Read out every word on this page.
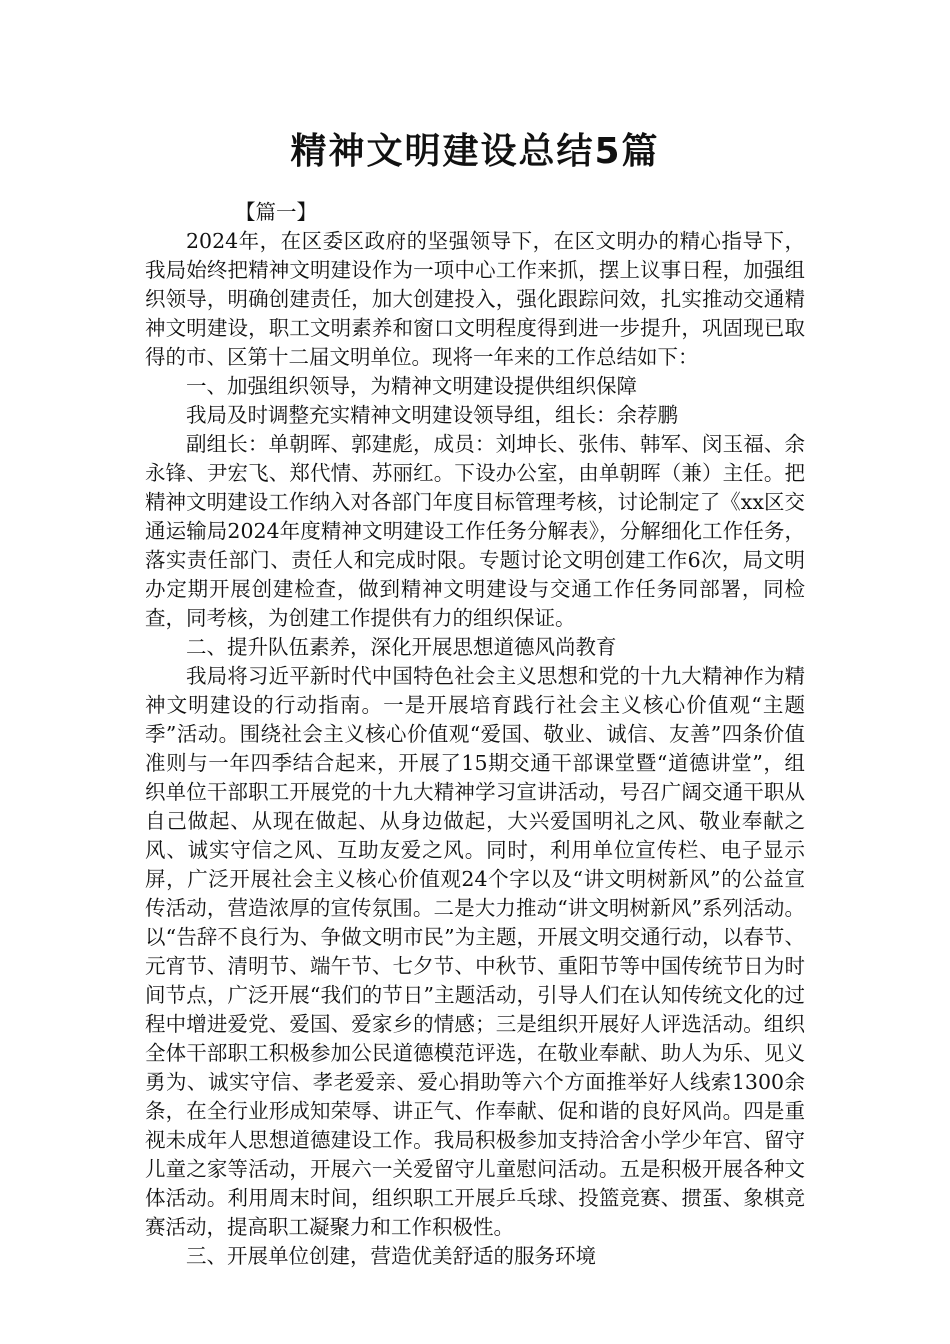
精神文明建设总结5篇

【篇一】

2024年，在区委区政府的坚强领导下，在区文明办的精心指导下，我局始终把精神文明建设作为一项中心工作来抓，摆上议事日程，加强组织领导，明确创建责任，加大创建投入，强化跟踪问效，扎实推动交通精神文明建设，职工文明素养和窗口文明程度得到进一步提升，巩固现已取得的市、区第十二届文明单位。现将一年来的工作总结如下：

一、加强组织领导，为精神文明建设提供组织保障

我局及时调整充实精神文明建设领导组，组长：余荐鹏

副组长：单朝晖、郭建彪，成员：刘坤长、张伟、韩军、闵玉福、余永锋、尹宏飞、郑代情、苏丽红。下设办公室，由单朝晖（兼）主任。把精神文明建设工作纳入对各部门年度目标管理考核，讨论制定了《xx区交通运输局2024年度精神文明建设工作任务分解表》，分解细化工作任务，落实责任部门、责任人和完成时限。专题讨论文明创建工作6次，局文明办定期开展创建检查，做到精神文明建设与交通工作任务同部署，同检查，同考核，为创建工作提供有力的组织保证。

二、提升队伍素养，深化开展思想道德风尚教育

我局将习近平新时代中国特色社会主义思想和党的十九大精神作为精神文明建设的行动指南。一是开展培育践行社会主义核心价值观“主题季”活动。围绕社会主义核心价值观“爱国、敬业、诚信、友善”四条价值准则与一年四季结合起来，开展了15期交通干部课堂暨“道德讲堂”，组织单位干部职工开展党的十九大精神学习宣讲活动，号召广阔交通干职从自己做起、从现在做起、从身边做起，大兴爱国明礼之风、敬业奉献之风、诚实守信之风、互助友爱之风。同时，利用单位宣传栏、电子显示屏，广泛开展社会主义核心价值观24个字以及“讲文明树新风”的公益宣传活动，营造浓厚的宣传氛围。二是大力推动“讲文明树新风”系列活动。以“告辞不良行为、争做文明市民”为主题，开展文明交通行动，以春节、元宵节、清明节、端午节、七夕节、中秋节、重阳节等中国传统节日为时间节点，广泛开展“我们的节日”主题活动，引导人们在认知传统文化的过程中增进爱党、爱国、爱家乡的情感；三是组织开展好人评选活动。组织全体干部职工积极参加公民道德模范评选，在敬业奉献、助人为乐、见义勇为、诚实守信、孝老爱亲、爱心捐助等六个方面推举好人线索1300余条，在全行业形成知荣辱、讲正气、作奉献、促和谐的良好风尚。四是重视未成年人思想道德建设工作。我局积极参加支持洽舍小学少年宫、留守儿童之家等活动，开展六一关爱留守儿童慰问活动。五是积极开展各种文体活动。利用周末时间，组织职工开展乒乓球、投篮竞赛、掼蛋、象棋竞赛活动，提高职工凝聚力和工作积极性。

三、开展单位创建，营造优美舒适的服务环境
